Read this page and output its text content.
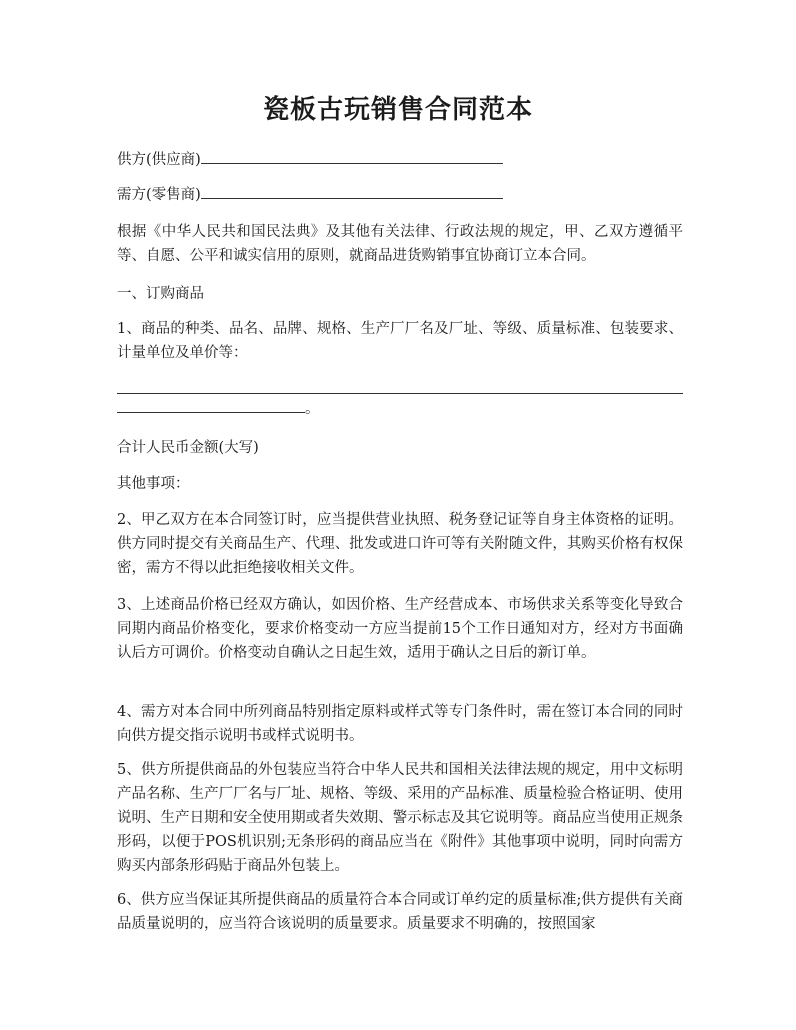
瓷板古玩销售合同范本
供方(供应商)
需方(零售商)
根据《中华人民共和国民法典》及其他有关法律、行政法规的规定，甲、乙双方遵循平等、自愿、公平和诚实信用的原则，就商品进货购销事宜协商订立本合同。
一、订购商品
1、商品的种类、品名、品牌、规格、生产厂厂名及厂址、等级、质量标准、包装要求、计量单位及单价等：
。
合计人民币金额(大写)
其他事项：
2、甲乙双方在本合同签订时，应当提供营业执照、税务登记证等自身主体资格的证明。供方同时提交有关商品生产、代理、批发或进口许可等有关附随文件，其购买价格有权保密，需方不得以此拒绝接收相关文件。
3、上述商品价格已经双方确认，如因价格、生产经营成本、市场供求关系等变化导致合同期内商品价格变化，要求价格变动一方应当提前15个工作日通知对方，经对方书面确认后方可调价。价格变动自确认之日起生效，适用于确认之日后的新订单。
4、需方对本合同中所列商品特别指定原料或样式等专门条件时，需在签订本合同的同时向供方提交指示说明书或样式说明书。
5、供方所提供商品的外包装应当符合中华人民共和国相关法律法规的规定，用中文标明产品名称、生产厂厂名与厂址、规格、等级、采用的产品标准、质量检验合格证明、使用说明、生产日期和安全使用期或者失效期、警示标志及其它说明等。商品应当使用正规条形码，以便于POS机识别;无条形码的商品应当在《附件》其他事项中说明，同时向需方购买内部条形码贴于商品外包装上。
6、供方应当保证其所提供商品的质量符合本合同或订单约定的质量标准;供方提供有关商品质量说明的，应当符合该说明的质量要求。质量要求不明确的，按照国家
